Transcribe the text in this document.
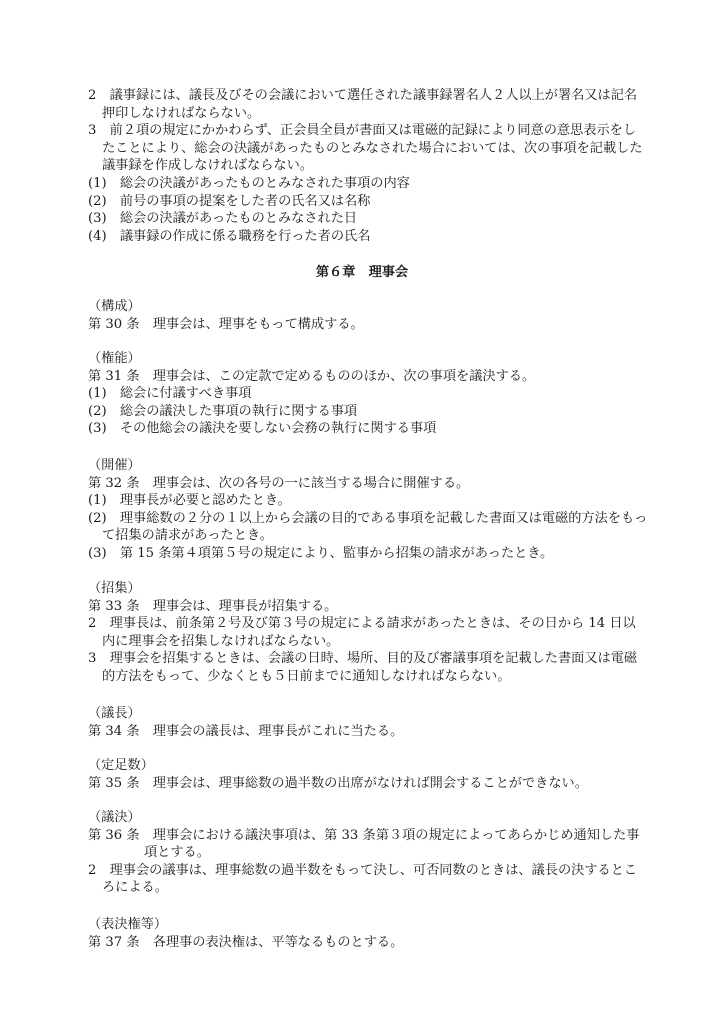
2　議事録には、議長及びその会議において選任された議事録署名人２人以上が署名又は記名押印しなければならない。

3　前２項の規定にかかわらず、正会員全員が書面又は電磁的記録により同意の意思表示をしたことにより、総会の決議があったものとみなされた場合においては、次の事項を記載した議事録を作成しなければならない。

(1)　総会の決議があったものとみなされた事項の内容

(2)　前号の事項の提案をした者の氏名又は名称

(3)　総会の決議があったものとみなされた日

(4)　議事録の作成に係る職務を行った者の氏名

第６章　理事会

（構成）

第 30 条　理事会は、理事をもって構成する。

（権能）

第 31 条　理事会は、この定款で定めるもののほか、次の事項を議決する。

(1)　総会に付議すべき事項

(2)　総会の議決した事項の執行に関する事項

(3)　その他総会の議決を要しない会務の執行に関する事項

（開催）

第 32 条　理事会は、次の各号の一に該当する場合に開催する。

(1)　理事長が必要と認めたとき。

(2)　理事総数の２分の１以上から会議の目的である事項を記載した書面又は電磁的方法をもって招集の請求があったとき。

(3)　第 15 条第４項第５号の規定により、監事から招集の請求があったとき。

（招集）

第 33 条　理事会は、理事長が招集する。

2　理事長は、前条第２号及び第３号の規定による請求があったときは、その日から 14 日以内に理事会を招集しなければならない。

3　理事会を招集するときは、会議の日時、場所、目的及び審議事項を記載した書面又は電磁的方法をもって、少なくとも５日前までに通知しなければならない。

（議長）

第 34 条　理事会の議長は、理事長がこれに当たる。

（定足数）

第 35 条　理事会は、理事総数の過半数の出席がなければ開会することができない。

（議決）

第 36 条　理事会における議決事項は、第 33 条第３項の規定によってあらかじめ通知した事項とする。

2　理事会の議事は、理事総数の過半数をもって決し、可否同数のときは、議長の決するところによる。

（表決権等）

第 37 条　各理事の表決権は、平等なるものとする。
